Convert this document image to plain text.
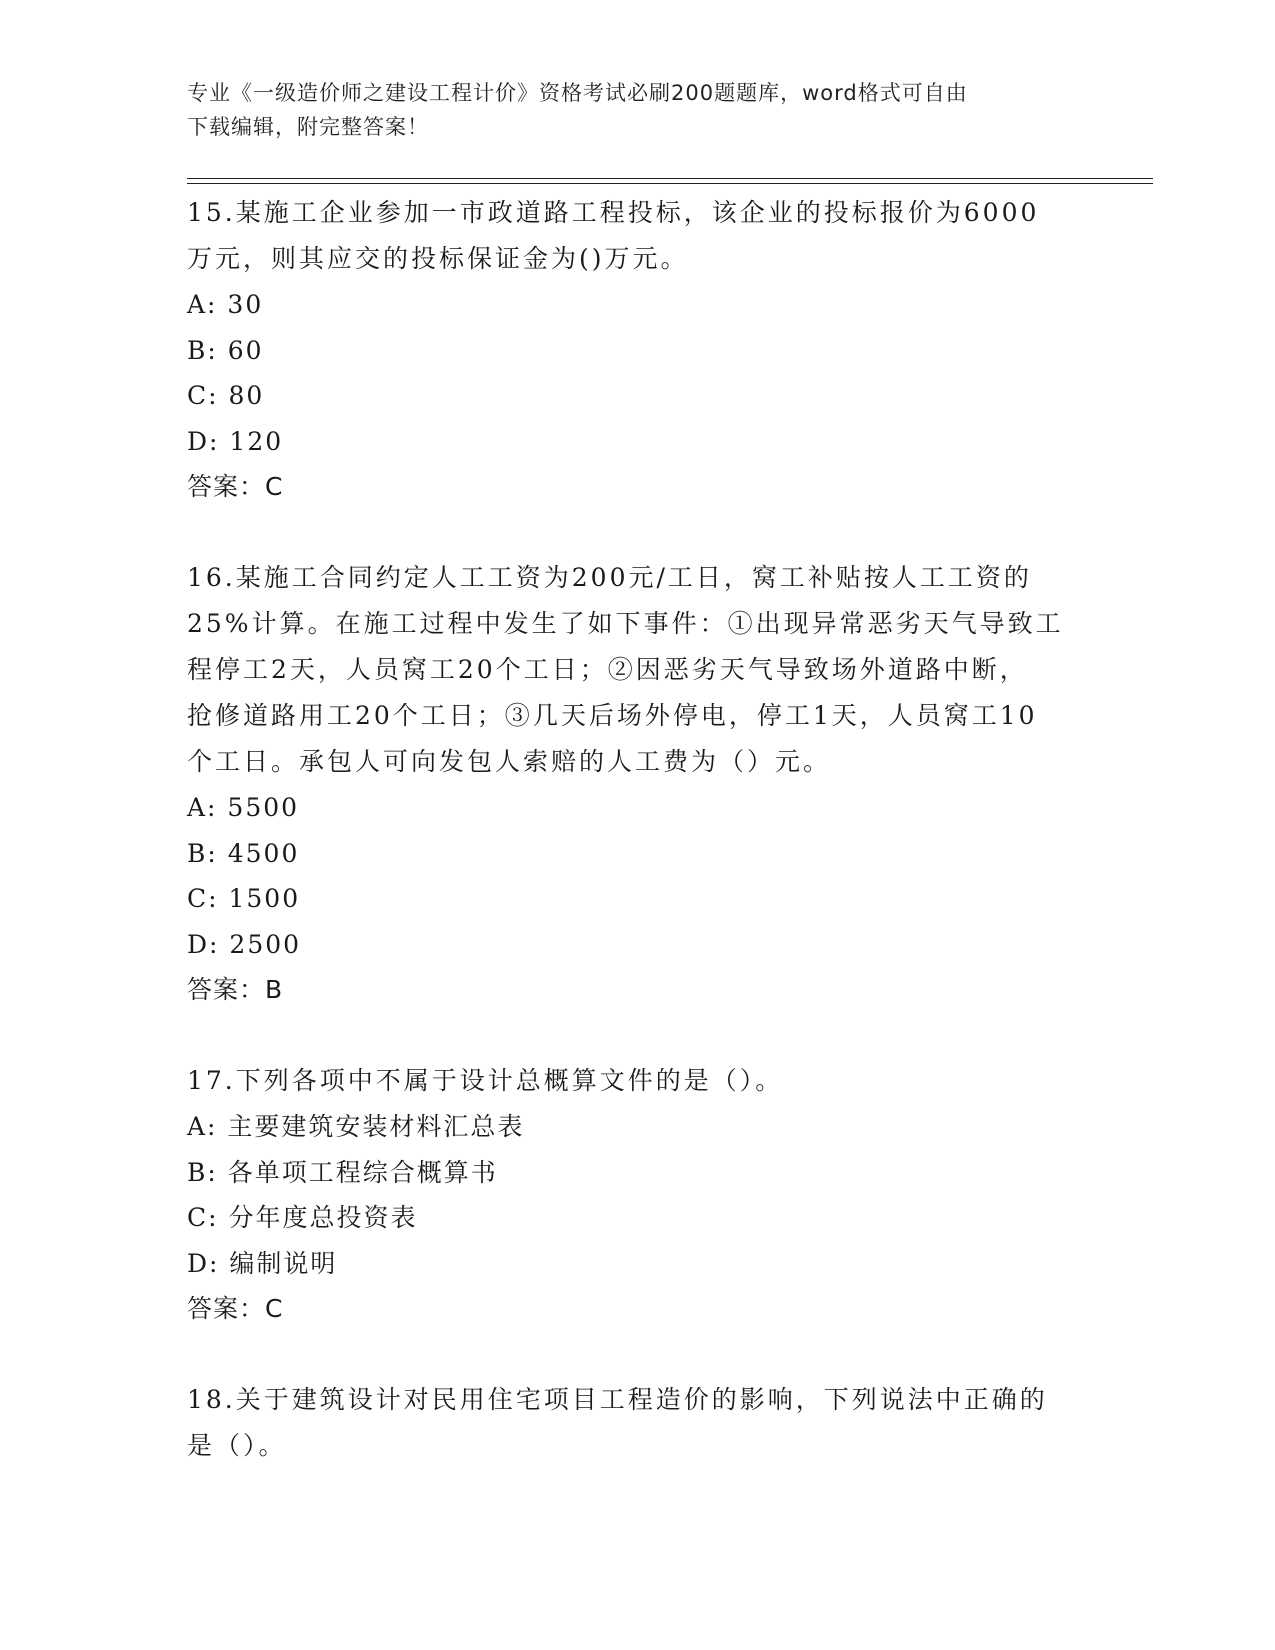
专业《一级造价师之建设工程计价》资格考试必刷200题题库，word格式可自由
下载编辑，附完整答案！

15.某施工企业参加一市政道路工程投标，该企业的投标报价为6000

万元，则其应交的投标保证金为()万元。

A: 30

B: 60

C: 80

D: 120

答案：C

16.某施工合同约定人工工资为200元/工日，窝工补贴按人工工资的

25%计算。在施工过程中发生了如下事件：①出现异常恶劣天气导致工

程停工2天，人员窝工20个工日；②因恶劣天气导致场外道路中断，

抢修道路用工20个工日；③几天后场外停电，停工1天，人员窝工10

个工日。承包人可向发包人索赔的人工费为（）元。

A: 5500

B: 4500

C: 1500

D: 2500

答案：B

17.下列各项中不属于设计总概算文件的是（）。

A: 主要建筑安装材料汇总表

B: 各单项工程综合概算书

C: 分年度总投资表

D: 编制说明

答案：C

18.关于建筑设计对民用住宅项目工程造价的影响，下列说法中正确的

是（）。
